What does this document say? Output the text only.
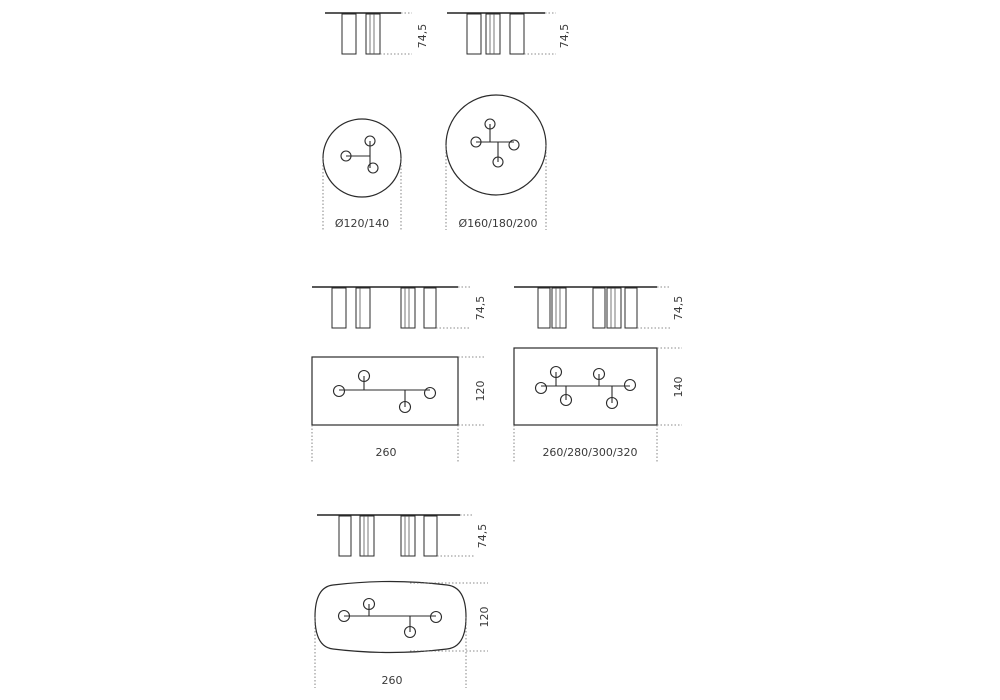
74,5	74,5
Ø120/140	Ø160/180/200
74,5	74,5
120
260
140
260/280/300/320
74,5
120
260
